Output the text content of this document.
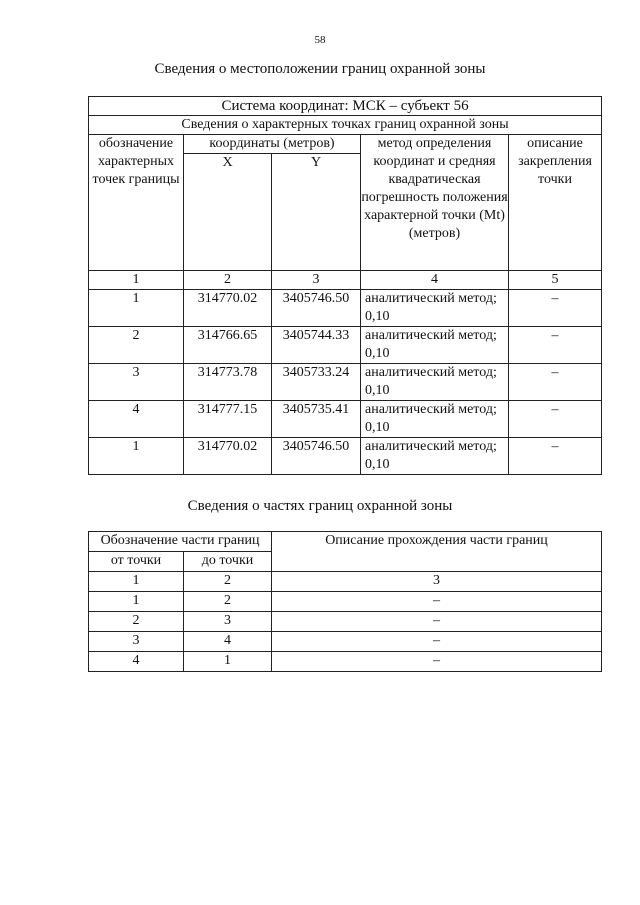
58
Сведения о местоположении границ охранной зоны
Система координат: МСК – субъект 56				
Сведения о характерных точках границ охранной зоны				
обозначение характерных точек границы	координаты (метров)		метод определения координат и средняя квадратическая погрешность положения характерной точки (Mt) (метров)	описание закрепления точки
	X	Y		
1	2	3	4	5
1	314770.02	3405746.50	аналитический метод; 0,10	–
2	314766.65	3405744.33	аналитический метод; 0,10	–
3	314773.78	3405733.24	аналитический метод; 0,10	–
4	314777.15	3405735.41	аналитический метод; 0,10	–
1	314770.02	3405746.50	аналитический метод; 0,10	–
Сведения о частях границ охранной зоны
Обозначение части границ		Описание прохождения части границ
от точки	до точки	
1	2	3
1	2	–
2	3	–
3	4	–
4	1	–
